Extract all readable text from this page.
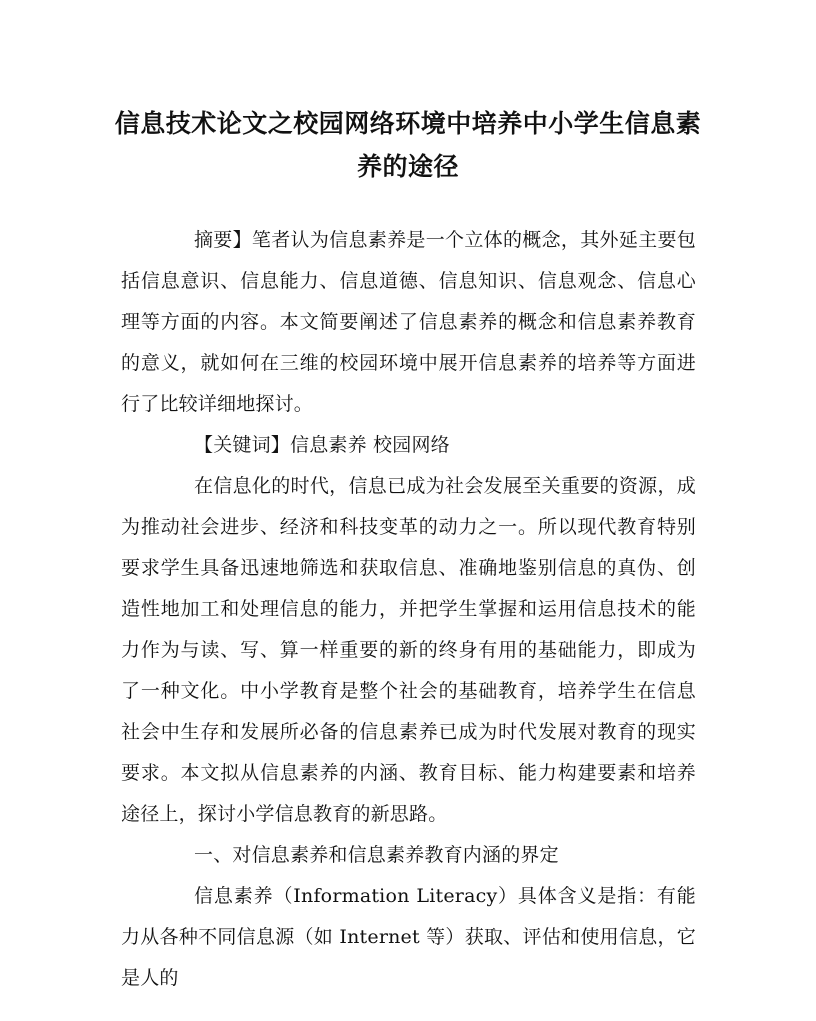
信息技术论文之校园网络环境中培养中小学生信息素养的途径

摘要】笔者认为信息素养是一个立体的概念，其外延主要包括信息意识、信息能力、信息道德、信息知识、信息观念、信息心理等方面的内容。本文简要阐述了信息素养的概念和信息素养教育的意义，就如何在三维的校园环境中展开信息素养的培养等方面进行了比较详细地探讨。

【关键词】信息素养 校园网络

在信息化的时代，信息已成为社会发展至关重要的资源，成为推动社会进步、经济和科技变革的动力之一。所以现代教育特别要求学生具备迅速地筛选和获取信息、准确地鉴别信息的真伪、创造性地加工和处理信息的能力，并把学生掌握和运用信息技术的能力作为与读、写、算一样重要的新的终身有用的基础能力，即成为了一种文化。中小学教育是整个社会的基础教育，培养学生在信息社会中生存和发展所必备的信息素养已成为时代发展对教育的现实要求。本文拟从信息素养的内涵、教育目标、能力构建要素和培养途径上，探讨小学信息教育的新思路。

一、对信息素养和信息素养教育内涵的界定

信息素养（Information Literacy）具体含义是指：有能力从各种不同信息源（如 Internet 等）获取、评估和使用信息，它是人的
